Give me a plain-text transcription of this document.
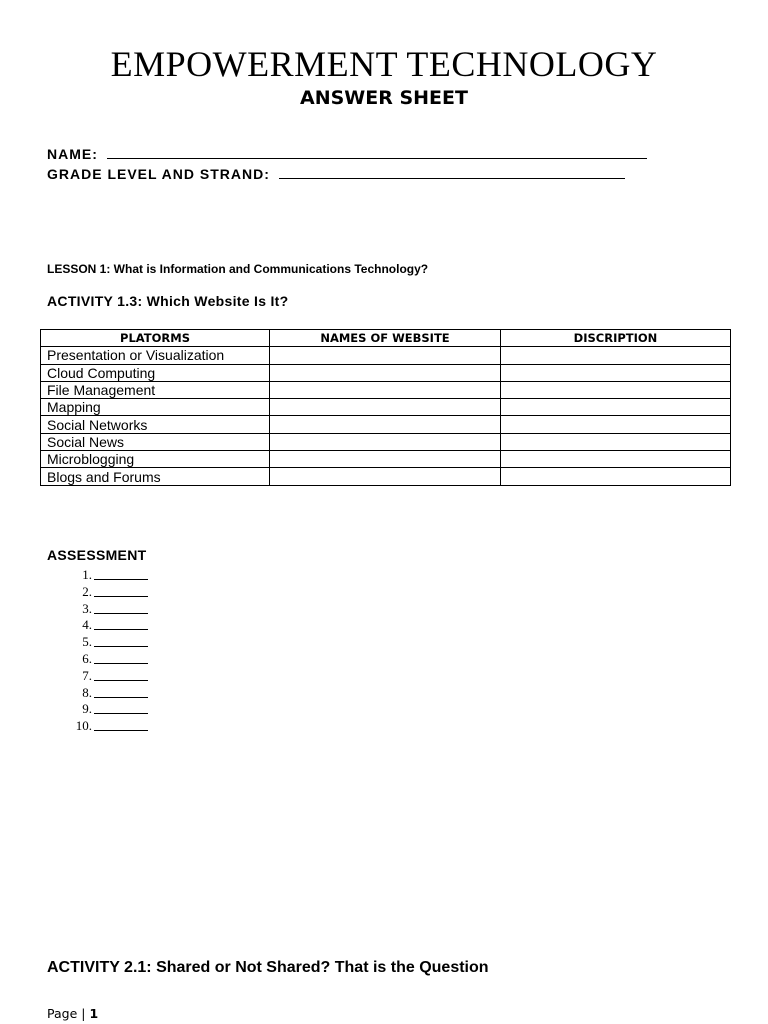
EMPOWERMENT TECHNOLOGY
ANSWER SHEET
NAME:
GRADE LEVEL AND STRAND:
LESSON 1: What is Information and Communications Technology?
ACTIVITY 1.3: Which Website Is It?
PLATORMS	NAMES OF WEBSITE	DISCRIPTION
Presentation or Visualization		
Cloud Computing		
File Management		
Mapping		
Social Networks		
Social News		
Microblogging		
Blogs and Forums		
ASSESSMENT
1.
2.
3.
4.
5.
6.
7.
8.
9.
10.
ACTIVITY 2.1: Shared or Not Shared? That is the Question
Page | 1
